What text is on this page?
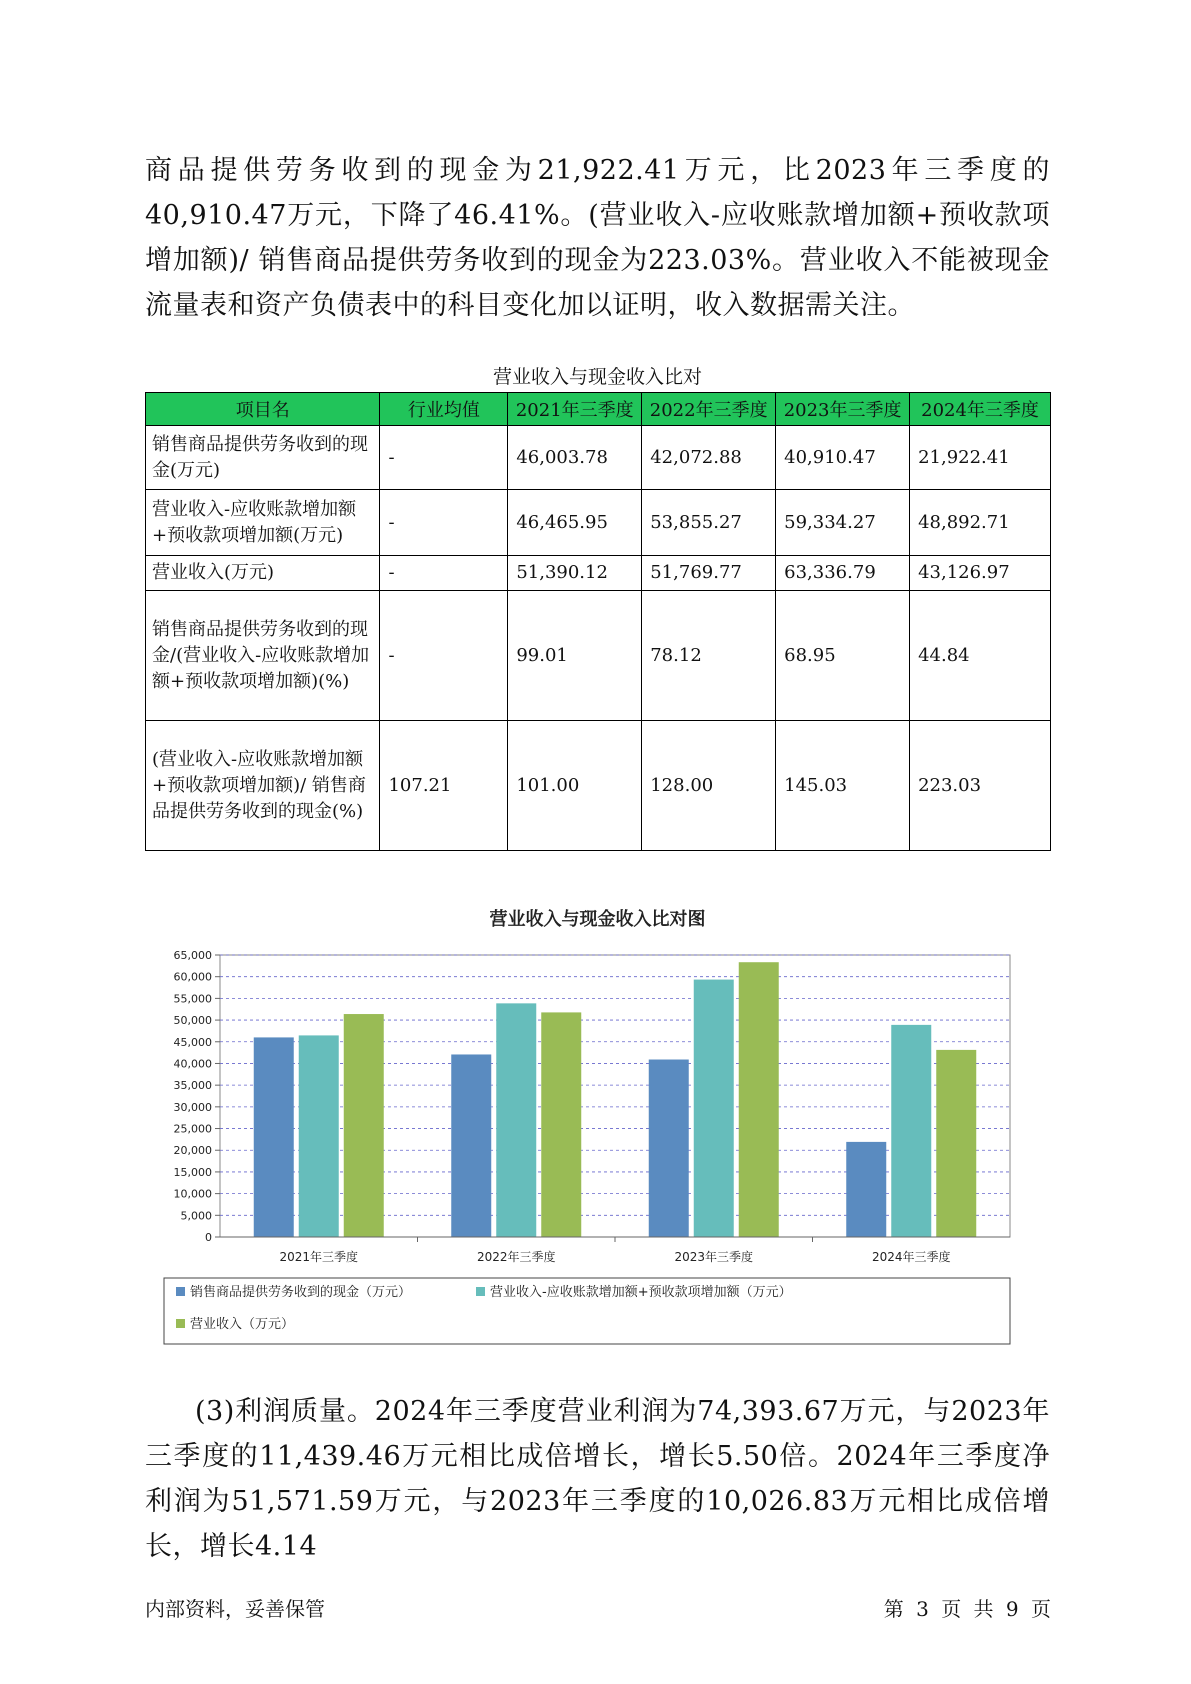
商品提供劳务收到的现金为21,922.41万元，比2023年三季度的40,910.47万元，下降了46.41%。(营业收入-应收账款增加额+预收款项增加额)/ 销售商品提供劳务收到的现金为223.03%。营业收入不能被现金流量表和资产负债表中的科目变化加以证明，收入数据需关注。

营业收入与现金收入比对
项目名	行业均值	2021年三季度	2022年三季度	2023年三季度	2024年三季度
销售商品提供劳务收到的现金(万元)	-	46,003.78	42,072.88	40,910.47	21,922.41
营业收入-应收账款增加额+预收款项增加额(万元)	-	46,465.95	53,855.27	59,334.27	48,892.71
营业收入(万元)	-	51,390.12	51,769.77	63,336.79	43,126.97
销售商品提供劳务收到的现金/(营业收入-应收账款增加额+预收款项增加额)(%)	-	99.01	78.12	68.95	44.84
(营业收入-应收账款增加额+预收款项增加额)/ 销售商品提供劳务收到的现金(%)	107.21	101.00	128.00	145.03	223.03
营业收入与现金收入比对图
0
5,000
10,000
15,000
20,000
25,000
30,000
35,000
40,000
45,000
50,000
55,000
60,000
65,000
2021年三季度	2022年三季度	2023年三季度	2024年三季度
销售商品提供劳务收到的现金（万元）	营业收入-应收账款增加额+预收款项增加额（万元）
营业收入（万元）

(3)利润质量。2024年三季度营业利润为74,393.67万元，与2023年三季度的11,439.46万元相比成倍增长，增长5.50倍。2024年三季度净利润为51,571.59万元，与2023年三季度的10,026.83万元相比成倍增长，增长4.14

内部资料，妥善保管	第 3 页 共 9 页
